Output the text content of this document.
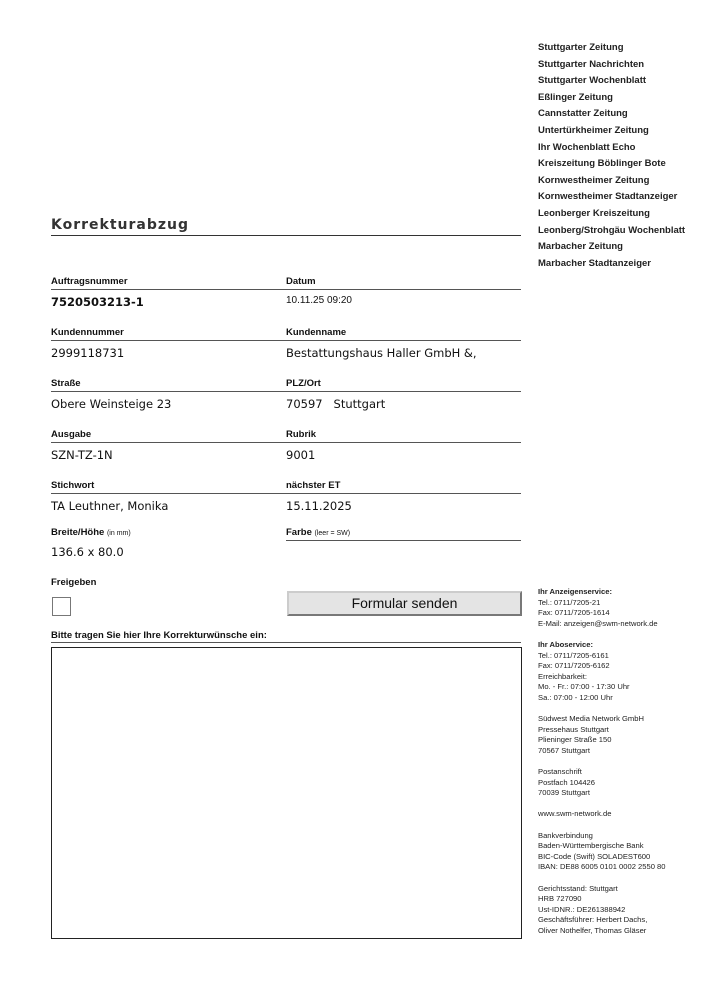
Stuttgarter Zeitung
Stuttgarter Nachrichten
Stuttgarter Wochenblatt
Eßlinger Zeitung
Cannstatter Zeitung
Untertürkheimer Zeitung
Ihr Wochenblatt Echo
Kreiszeitung Böblinger Bote
Kornwestheimer Zeitung
Kornwestheimer Stadtanzeiger
Leonberger Kreiszeitung
Leonberg/Strohgäu Wochenblatt
Marbacher Zeitung
Marbacher Stadtanzeiger
Korrekturabzug
Auftragsnummer
7520503213-1
Datum
10.11.25 09:20
Kundennummer
2999118731
Kundenname
Bestattungshaus Haller GmbH &,
Straße
Obere Weinsteige 23
PLZ/Ort
70597   Stuttgart
Ausgabe
SZN-TZ-1N
Rubrik
9001
Stichwort
TA Leuthner, Monika
nächster ET
15.11.2025
Breite/Höhe (in mm)
136.6 x 80.0
Farbe (leer = SW)
Freigeben
Formular senden
Bitte tragen Sie hier Ihre Korrekturwünsche ein:
Ihr Anzeigenservice:
Tel.: 0711/7205-21
Fax: 0711/7205-1614
E-Mail: anzeigen@swm-network.de
Ihr Aboservice:
Tel.: 0711/7205-6161
Fax: 0711/7205-6162
Erreichbarkeit:
Mo. - Fr.: 07:00 - 17:30 Uhr
Sa.: 07:00 - 12:00 Uhr
Südwest Media Network GmbH
Pressehaus Stuttgart
Plieninger Straße 150
70567 Stuttgart
Postanschrift
Postfach 104426
70039 Stuttgart
www.swm-network.de
Bankverbindung
Baden-Württembergische Bank
BIC-Code (Swift) SOLADEST600
IBAN: DE88 6005 0101 0002 2550 80
Gerichtsstand: Stuttgart
HRB 727090
Ust-IDNR.: DE261388942
Geschäftsführer: Herbert Dachs,
Oliver Nothelfer, Thomas Gläser
